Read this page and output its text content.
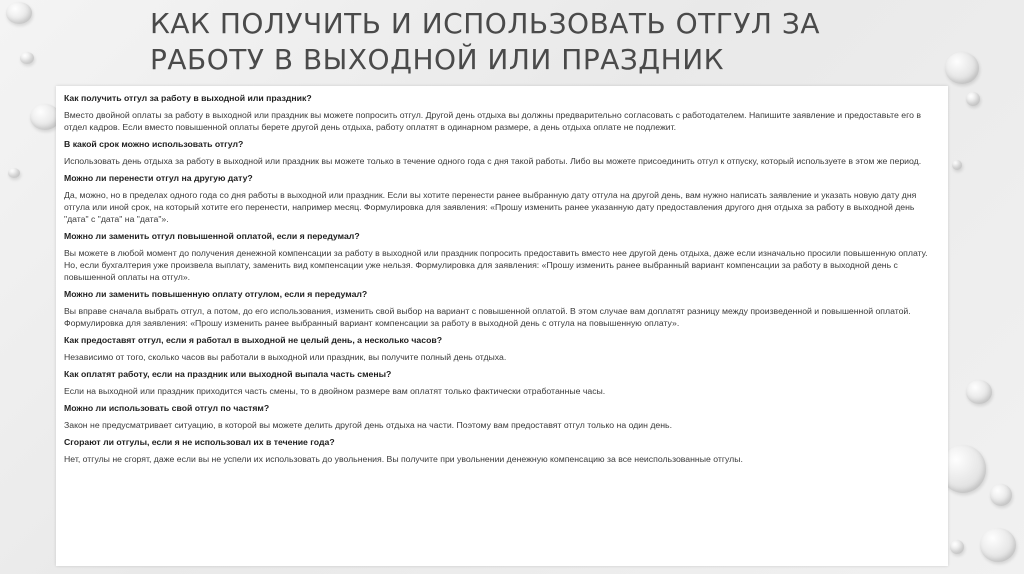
КАК ПОЛУЧИТЬ И ИСПОЛЬЗОВАТЬ ОТГУЛ ЗА РАБОТУ В ВЫХОДНОЙ ИЛИ ПРАЗДНИК

Как получить отгул за работу в выходной или праздник?

Вместо двойной оплаты за работу в выходной или праздник вы можете попросить отгул. Другой день отдыха вы должны предварительно согласовать с работодателем. Напишите заявление и предоставьте его в отдел кадров. Если вместо повышенной оплаты берете другой день отдыха, работу оплатят в одинарном размере, а день отдыха оплате не подлежит.

В какой срок можно использовать отгул?

Использовать день отдыха за работу в выходной или праздник вы можете только в течение одного года с дня такой работы. Либо вы можете присоединить отгул к отпуску, который используете в этом же период.

Можно ли перенести отгул на другую дату?

Да, можно, но в пределах одного года со дня работы в выходной или праздник. Если вы хотите перенести ранее выбранную дату отгула на другой день, вам нужно написать заявление и указать новую дату дня отгула или иной срок, на который хотите его перенести, например месяц. Формулировка для заявления: «Прошу изменить ранее указанную дату предоставления другого дня отдыха за работу в выходной день "дата" с "дата" на "дата"».

Можно ли заменить отгул повышенной оплатой, если я передумал?

Вы можете в любой момент до получения денежной компенсации за работу в выходной или праздник попросить предоставить вместо нее другой день отдыха, даже если изначально просили повышенную оплату. Но, если бухгалтерия уже произвела выплату, заменить вид компенсации уже нельзя. Формулировка для заявления: «Прошу изменить ранее выбранный вариант компенсации за работу в выходной день с повышенной оплаты на отгул».

Можно ли заменить повышенную оплату отгулом, если я передумал?

Вы вправе сначала выбрать отгул, а потом, до его использования, изменить свой выбор на вариант с повышенной оплатой. В этом случае вам доплатят разницу между произведенной и повышенной оплатой. Формулировка для заявления: «Прошу изменить ранее выбранный вариант компенсации за работу в выходной день с отгула на повышенную оплату».

Как предоставят отгул, если я работал в выходной не целый день, а несколько часов?

Независимо от того, сколько часов вы работали в выходной или праздник, вы получите полный день отдыха.

Как оплатят работу, если на праздник или выходной выпала часть смены?

Если на выходной или праздник приходится часть смены, то в двойном размере вам оплатят только фактически отработанные часы.

Можно ли использовать свой отгул по частям?

Закон не предусматривает ситуацию, в которой вы можете делить другой день отдыха на части. Поэтому вам предоставят отгул только на один день.

Сгорают ли отгулы, если я не использовал их в течение года?

Нет, отгулы не сгорят, даже если вы не успели их использовать до увольнения. Вы получите при увольнении денежную компенсацию за все неиспользованные отгулы.
